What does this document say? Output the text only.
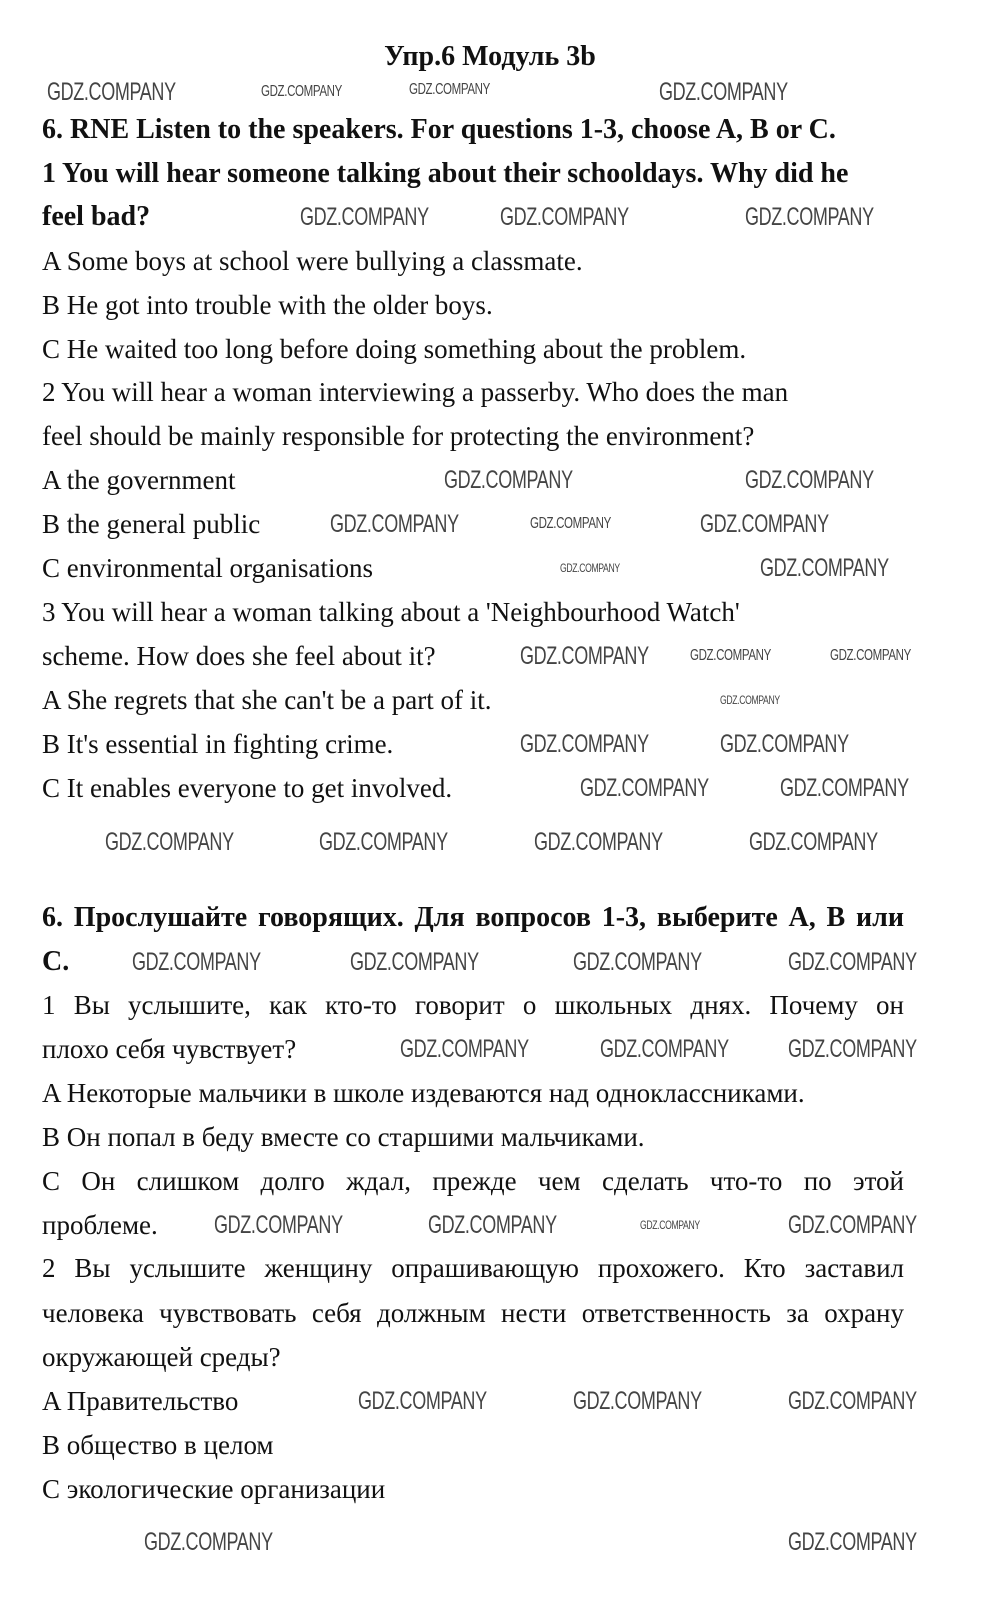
Упр.6 Модуль 3b
6. RNE Listen to the speakers. For questions 1-3, choose A, B or C.
1 You will hear someone talking about their schooldays. Why did he
feel bad?
A Some boys at school were bullying a classmate.
B He got into trouble with the older boys.
C He waited too long before doing something about the problem.
2 You will hear a woman interviewing a passerby. Who does the man
feel should be mainly responsible for protecting the environment?
A the government
B the general public
C environmental organisations
3 You will hear a woman talking about a 'Neighbourhood Watch'
scheme. How does she feel about it?
A She regrets that she can't be a part of it.
B It's essential in fighting crime.
C It enables everyone to get involved.
6. Прослушайте говорящих. Для вопросов 1-3, выберите A, B или
C.
1 Вы услышите, как кто-то говорит о школьных днях. Почему он
плохо себя чувствует?
A Некоторые мальчики в школе издеваются над одноклассниками.
B Он попал в беду вместе со старшими мальчиками.
C Он слишком долго ждал, прежде чем сделать что-то по этой
проблеме.
2 Вы услышите женщину опрашивающую прохожего. Кто заставил
человека чувствовать себя должным нести ответственность за охрану
окружающей среды?
A Правительство
B общество в целом
C экологические организации
GDZ.COMPANY
GDZ.COMPANY	GDZ.COMPANY	GDZ.COMPANY
GDZ.COMPANY	GDZ.COMPANY	GDZ.COMPANY
GDZ.COMPANY	GDZ.COMPANY
GDZ.COMPANY	GDZ.COMPANY	GDZ.COMPANY
GDZ.COMPANY	GDZ.COMPANY
GDZ.COMPANY	GDZ.COMPANY	GDZ.COMPANY
GDZ.COMPANY
GDZ.COMPANY	GDZ.COMPANY
GDZ.COMPANY	GDZ.COMPANY
GDZ.COMPANY	GDZ.COMPANY	GDZ.COMPANY	GDZ.COMPANY
GDZ.COMPANY	GDZ.COMPANY	GDZ.COMPANY	GDZ.COMPANY
GDZ.COMPANY	GDZ.COMPANY GDZ.COMPANY
GDZ.COMPANY	GDZ.COMPANY	GDZ.COMPANY	GDZ.COMPANY
GDZ.COMPANY	GDZ.COMPANY	GDZ.COMPANY
GDZ.COMPANY	GDZ.COMPANY
